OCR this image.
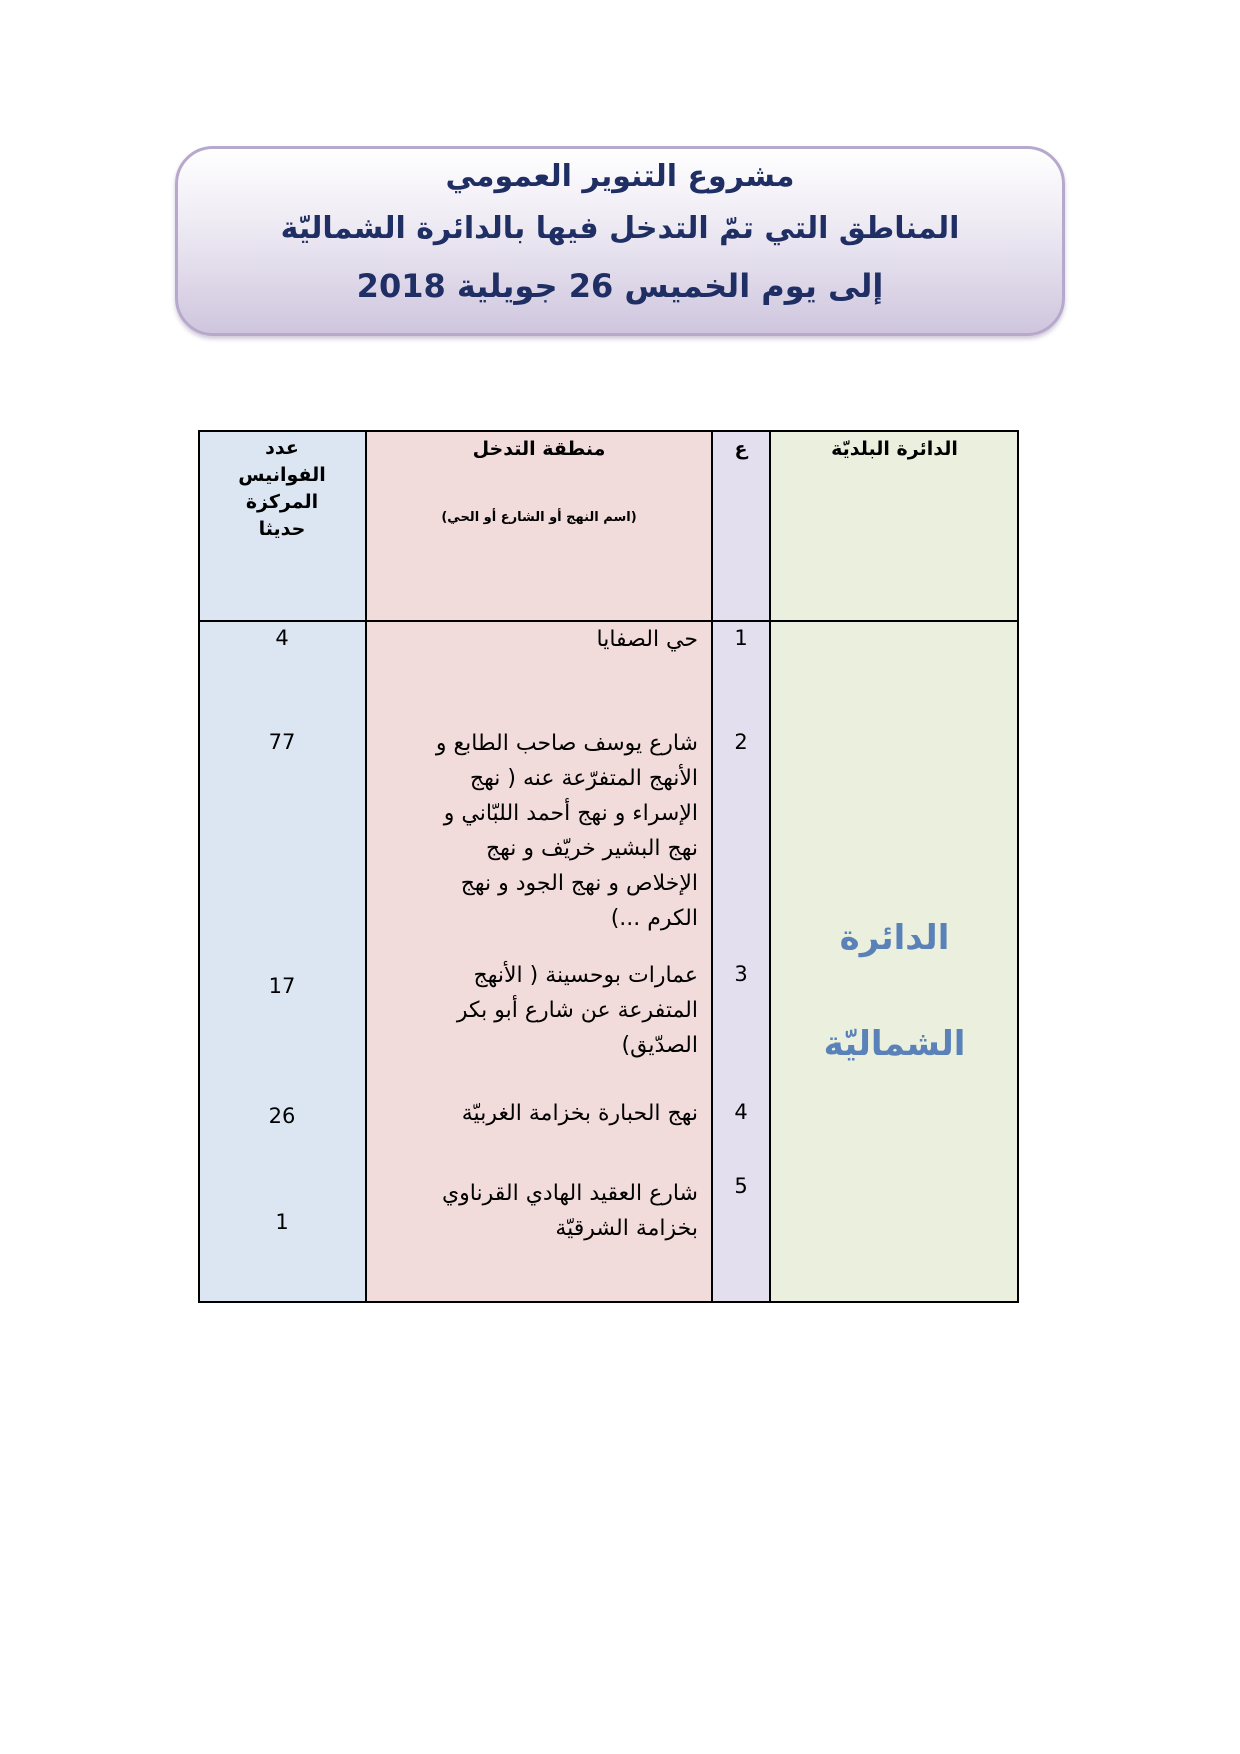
مشروع التنوير العمومي
المناطق التي تمّ التدخل فيها بالدائرة الشماليّة
إلى يوم الخميس 26 جويلية 2018
الدائرة البلديّة
ع
منطقة التدخل
(اسم النهج أو الشارع أو الحي)
عدد
الفوانيس
المركزة
حديثا
الدائرة
الشماليّة
1
حي الصفايا
4
2
شارع يوسف صاحب الطابع و
الأنهج المتفرّعة عنه ( نهج
الإسراء و نهج أحمد اللبّاني و
نهج البشير خريّف و نهج
الإخلاص و نهج الجود و نهج
الكرم ...)
77
3
عمارات بوحسينة ( الأنهج
المتفرعة عن شارع أبو بكر
الصدّيق)
17
4
نهج الحبارة بخزامة الغربيّة
26
5
شارع العقيد الهادي القرناوي
بخزامة الشرقيّة
1
